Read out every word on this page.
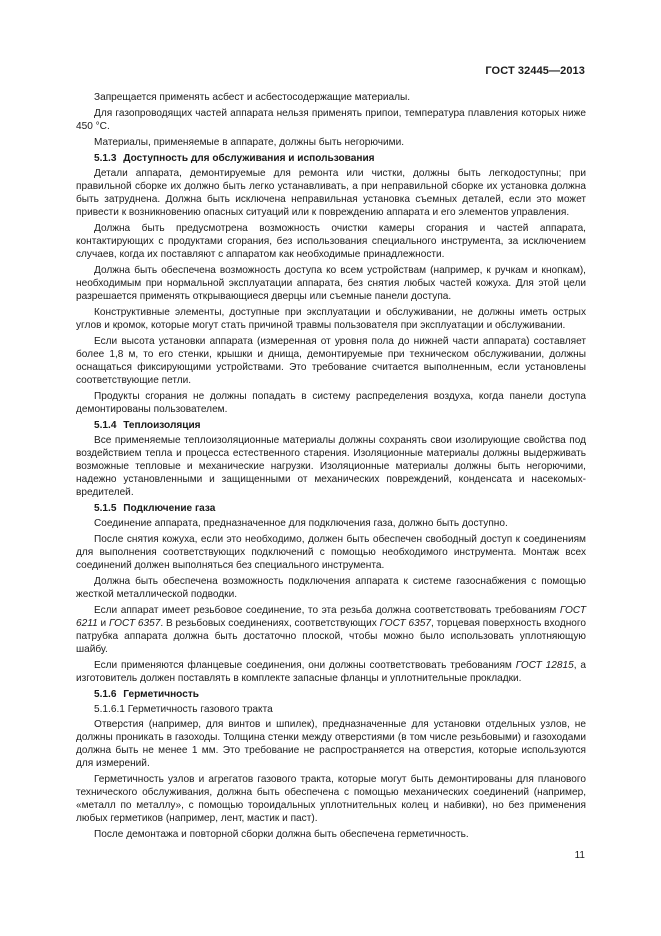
ГОСТ 32445—2013

Запрещается применять асбест и асбестосодержащие материалы.

Для газопроводящих частей аппарата нельзя применять припои, температура плавления которых ниже 450 °С.

Материалы, применяемые в аппарате, должны быть негорючими.

5.1.3 Доступность для обслуживания и использования

Детали аппарата, демонтируемые для ремонта или чистки, должны быть легкодоступны; при правильной сборке их должно быть легко устанавливать, а при неправильной сборке их установка должна быть затруднена. Должна быть исключена неправильная установка съемных деталей, если это может привести к возникновению опасных ситуаций или к повреждению аппарата и его элементов управления.

Должна быть предусмотрена возможность очистки камеры сгорания и частей аппарата, контактирующих с продуктами сгорания, без использования специального инструмента, за исключением случаев, когда их поставляют с аппаратом как необходимые принадлежности.

Должна быть обеспечена возможность доступа ко всем устройствам (например, к ручкам и кнопкам), необходимым при нормальной эксплуатации аппарата, без снятия любых частей кожуха. Для этой цели разрешается применять открывающиеся дверцы или съемные панели доступа.

Конструктивные элементы, доступные при эксплуатации и обслуживании, не должны иметь острых углов и кромок, которые могут стать причиной травмы пользователя при эксплуатации и обслуживании.

Если высота установки аппарата (измеренная от уровня пола до нижней части аппарата) составляет более 1,8 м, то его стенки, крышки и днища, демонтируемые при техническом обслуживании, должны оснащаться фиксирующими устройствами. Это требование считается выполненным, если установлены соответствующие петли.

Продукты сгорания не должны попадать в систему распределения воздуха, когда панели доступа демонтированы пользователем.

5.1.4 Теплоизоляция

Все применяемые теплоизоляционные материалы должны сохранять свои изолирующие свойства под воздействием тепла и процесса естественного старения. Изоляционные материалы должны выдерживать возможные тепловые и механические нагрузки. Изоляционные материалы должны быть негорючими, надежно установленными и защищенными от механических повреждений, конденсата и насекомых-вредителей.

5.1.5 Подключение газа

Соединение аппарата, предназначенное для подключения газа, должно быть доступно.

После снятия кожуха, если это необходимо, должен быть обеспечен свободный доступ к соединениям для выполнения соответствующих подключений с помощью необходимого инструмента. Монтаж всех соединений должен выполняться без специального инструмента.

Должна быть обеспечена возможность подключения аппарата к системе газоснабжения с помощью жесткой металлической подводки.

Если аппарат имеет резьбовое соединение, то эта резьба должна соответствовать требованиям ГОСТ 6211 и ГОСТ 6357. В резьбовых соединениях, соответствующих ГОСТ 6357, торцевая поверхность входного патрубка аппарата должна быть достаточно плоской, чтобы можно было использовать уплотняющую шайбу.

Если применяются фланцевые соединения, они должны соответствовать требованиям ГОСТ 12815, а изготовитель должен поставлять в комплекте запасные фланцы и уплотнительные прокладки.

5.1.6 Герметичность
5.1.6.1 Герметичность газового тракта

Отверстия (например, для винтов и шпилек), предназначенные для установки отдельных узлов, не должны проникать в газоходы. Толщина стенки между отверстиями (в том числе резьбовыми) и газоходами должна быть не менее 1 мм. Это требование не распространяется на отверстия, которые используются для измерений.

Герметичность узлов и агрегатов газового тракта, которые могут быть демонтированы для планового технического обслуживания, должна быть обеспечена с помощью механических соединений (например, «металл по металлу», с помощью тороидальных уплотнительных колец и набивки), но без применения любых герметиков (например, лент, мастик и паст).

После демонтажа и повторной сборки должна быть обеспечена герметичность.

11
